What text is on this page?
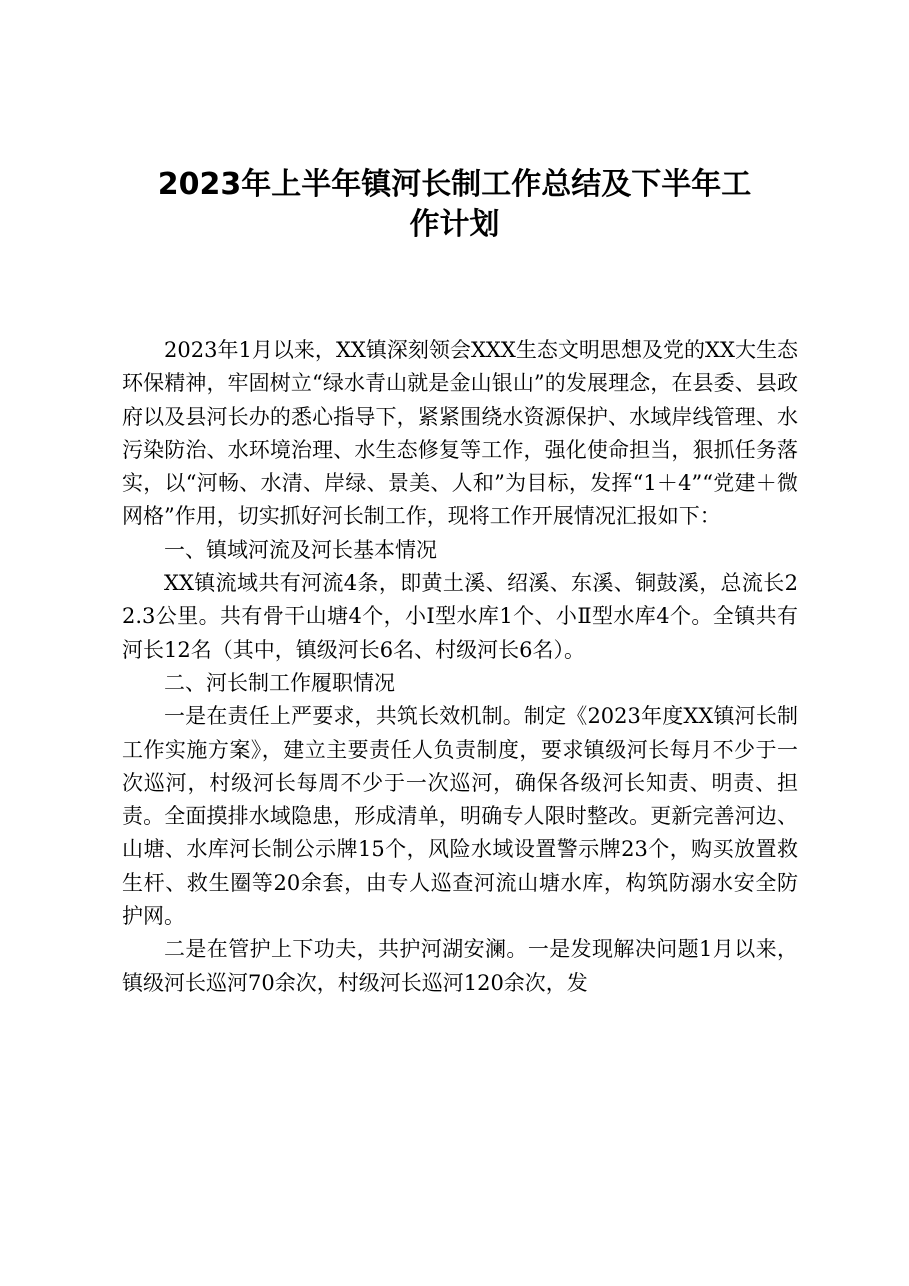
2023年上半年镇河长制工作总结及下半年工
作计划

2023年1月以来，XX镇深刻领会XXX生态文明思想及党的XX大生态环保精神，牢固树立“绿水青山就是金山银山”的发展理念，在县委、县政府以及县河长办的悉心指导下，紧紧围绕水资源保护、水域岸线管理、水污染防治、水环境治理、水生态修复等工作，强化使命担当，狠抓任务落实，以“河畅、水清、岸绿、景美、人和”为目标，发挥“1＋4”“党建＋微网格”作用，切实抓好河长制工作，现将工作开展情况汇报如下：

一、镇域河流及河长基本情况

XX镇流域共有河流4条，即黄土溪、绍溪、东溪、铜鼓溪，总流长22.3公里。共有骨干山塘4个，小Ⅰ型水库1个、小Ⅱ型水库4个。全镇共有河长12名（其中，镇级河长6名、村级河长6名）。

二、河长制工作履职情况

一是在责任上严要求，共筑长效机制。制定《2023年度XX镇河长制工作实施方案》，建立主要责任人负责制度，要求镇级河长每月不少于一次巡河，村级河长每周不少于一次巡河，确保各级河长知责、明责、担责。全面摸排水域隐患，形成清单，明确专人限时整改。更新完善河边、山塘、水库河长制公示牌15个，风险水域设置警示牌23个，购买放置救生杆、救生圈等20余套，由专人巡查河流山塘水库，构筑防溺水安全防护网。

二是在管护上下功夫，共护河湖安澜。一是发现解决问题1月以来，镇级河长巡河70余次，村级河长巡河120余次，发
